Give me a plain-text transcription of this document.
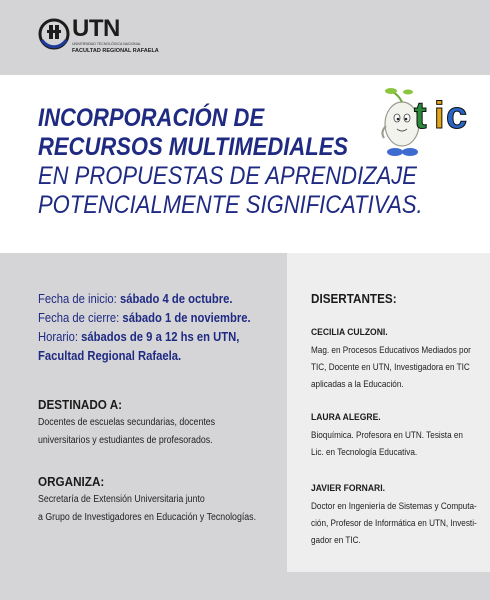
UTN
UNIVERSIDAD TECNOLÓGICA NACIONAL
FACULTAD REGIONAL RAFAELA
INCORPORACIÓN DE
RECURSOS MULTIMEDIALES
EN PROPUESTAS DE APRENDIZAJE
POTENCIALMENTE SIGNIFICATIVAS.
t i c
Fecha de inicio: sábado 4 de octubre.
Fecha de cierre: sábado 1 de noviembre.
Horario: sábados de 9 a 12 hs en UTN,
Facultad Regional Rafaela.
DESTINADO A:
Docentes de escuelas secundarias, docentes
universitarios y estudiantes de profesorados.
ORGANIZA:
Secretaría de Extensión Universitaria junto
a Grupo de Investigadores en Educación y Tecnologías.
DISERTANTES:
CECILIA CULZONI.
Mag. en Procesos Educativos Mediados por
TIC, Docente en UTN, Investigadora en TIC
aplicadas a la Educación.
LAURA ALEGRE.
Bioquímica. Profesora en UTN. Tesista en
Lic. en Tecnología Educativa.
JAVIER FORNARI.
Doctor en Ingeniería de Sistemas y Computa-
ción, Profesor de Informática en UTN, Investi-
gador en TIC.
